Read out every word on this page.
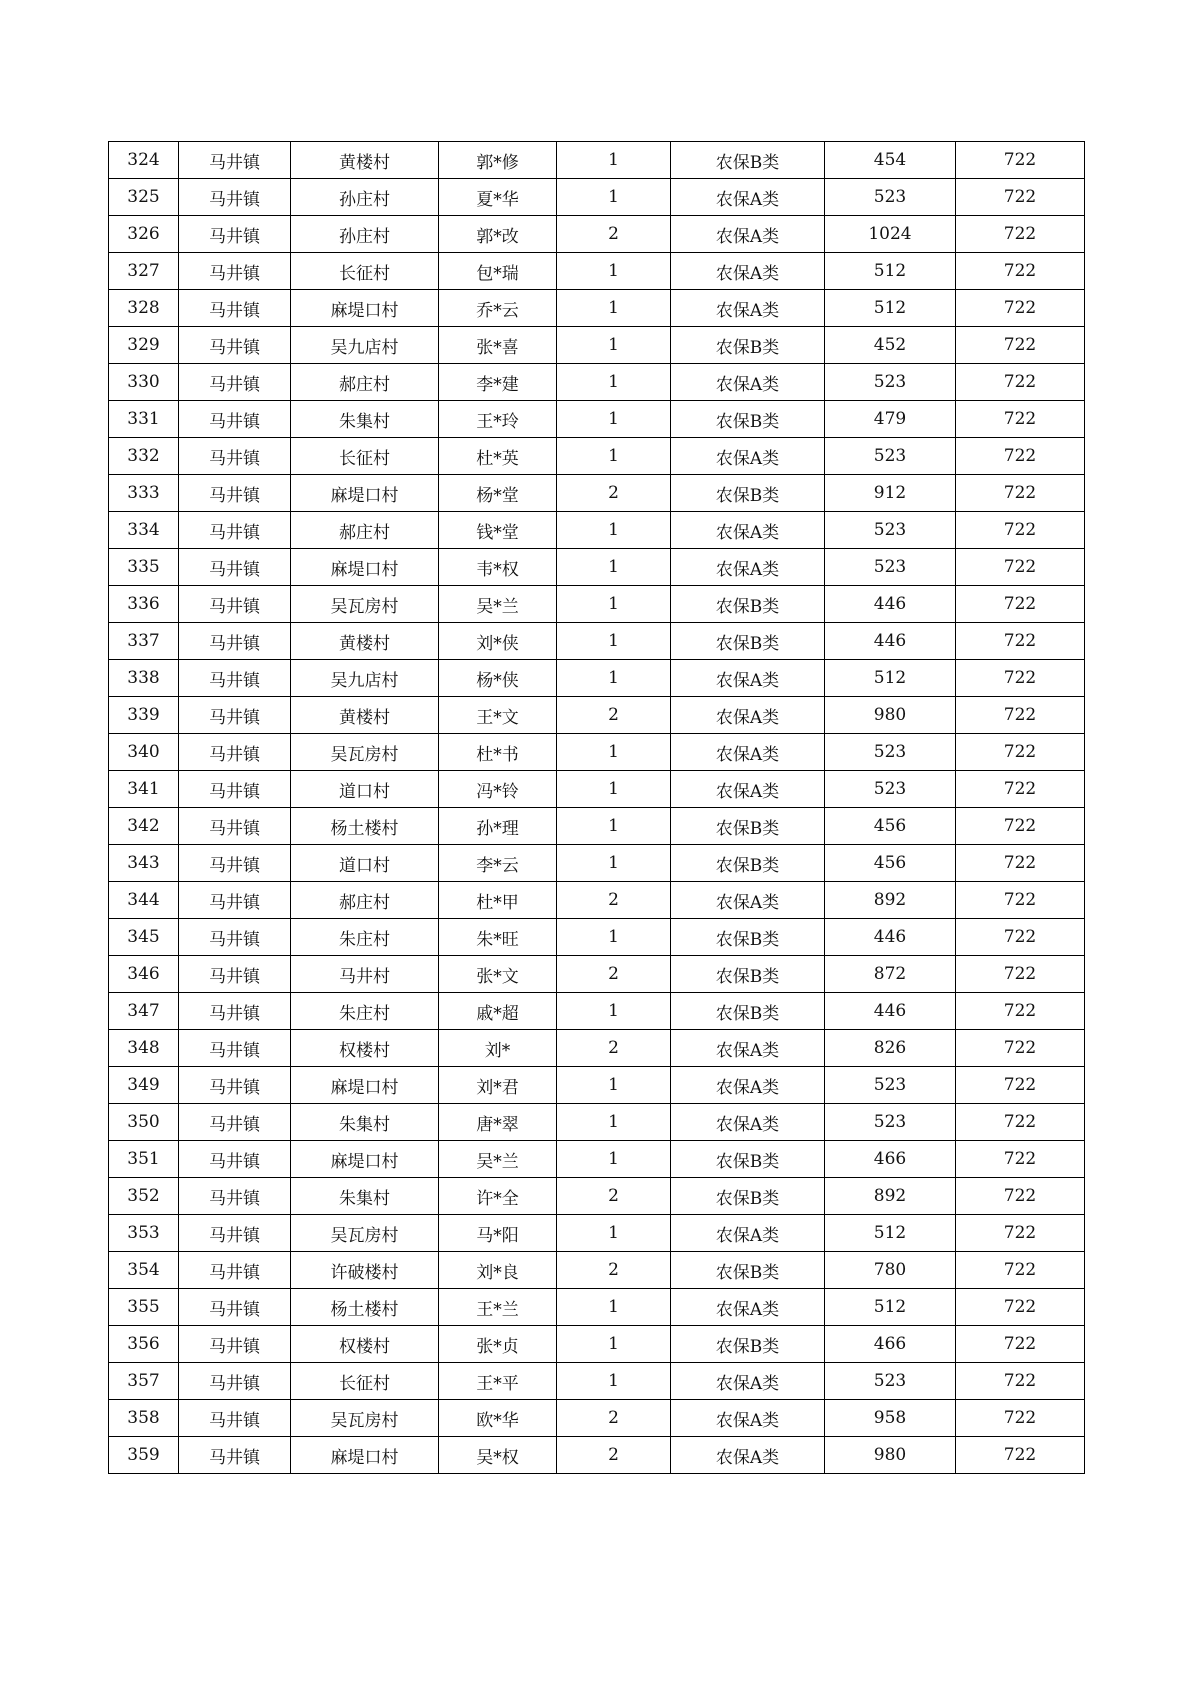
324	马井镇	黄楼村	郭*修	1	农保B类	454	722
325	马井镇	孙庄村	夏*华	1	农保A类	523	722
326	马井镇	孙庄村	郭*改	2	农保A类	1024	722
327	马井镇	长征村	包*瑞	1	农保A类	512	722
328	马井镇	麻堤口村	乔*云	1	农保A类	512	722
329	马井镇	吴九店村	张*喜	1	农保B类	452	722
330	马井镇	郝庄村	李*建	1	农保A类	523	722
331	马井镇	朱集村	王*玲	1	农保B类	479	722
332	马井镇	长征村	杜*英	1	农保A类	523	722
333	马井镇	麻堤口村	杨*堂	2	农保B类	912	722
334	马井镇	郝庄村	钱*堂	1	农保A类	523	722
335	马井镇	麻堤口村	韦*权	1	农保A类	523	722
336	马井镇	吴瓦房村	吴*兰	1	农保B类	446	722
337	马井镇	黄楼村	刘*侠	1	农保B类	446	722
338	马井镇	吴九店村	杨*侠	1	农保A类	512	722
339	马井镇	黄楼村	王*文	2	农保A类	980	722
340	马井镇	吴瓦房村	杜*书	1	农保A类	523	722
341	马井镇	道口村	冯*铃	1	农保A类	523	722
342	马井镇	杨土楼村	孙*理	1	农保B类	456	722
343	马井镇	道口村	李*云	1	农保B类	456	722
344	马井镇	郝庄村	杜*甲	2	农保A类	892	722
345	马井镇	朱庄村	朱*旺	1	农保B类	446	722
346	马井镇	马井村	张*文	2	农保B类	872	722
347	马井镇	朱庄村	戚*超	1	农保B类	446	722
348	马井镇	权楼村	刘*	2	农保A类	826	722
349	马井镇	麻堤口村	刘*君	1	农保A类	523	722
350	马井镇	朱集村	唐*翠	1	农保A类	523	722
351	马井镇	麻堤口村	吴*兰	1	农保B类	466	722
352	马井镇	朱集村	许*全	2	农保B类	892	722
353	马井镇	吴瓦房村	马*阳	1	农保A类	512	722
354	马井镇	许破楼村	刘*良	2	农保B类	780	722
355	马井镇	杨土楼村	王*兰	1	农保A类	512	722
356	马井镇	权楼村	张*贞	1	农保B类	466	722
357	马井镇	长征村	王*平	1	农保A类	523	722
358	马井镇	吴瓦房村	欧*华	2	农保A类	958	722
359	马井镇	麻堤口村	吴*权	2	农保A类	980	722
